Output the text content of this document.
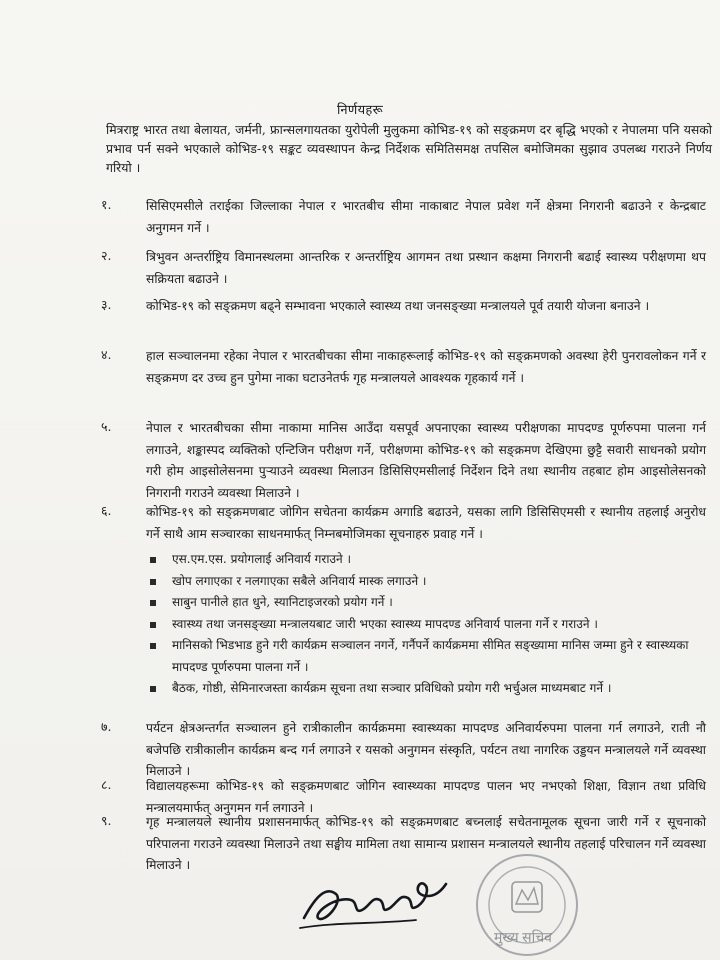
निर्णयहरू
मित्रराष्ट्र भारत तथा बेलायत, जर्मनी, फ्रान्सलगायतका युरोपेली मुलुकमा कोभिड-१९ को सङ्क्रमण दर बृद्धि भएको र नेपालमा पनि यसको प्रभाव पर्न सक्ने भएकाले कोभिड-१९ सङ्कट व्यवस्थापन केन्द्र निर्देशक समितिसमक्ष तपसिल बमोजिमका सुझाव उपलब्ध गराउने निर्णय गरियो ।
१.	सिसिएमसीले तराईका जिल्लाका नेपाल र भारतबीच सीमा नाकाबाट नेपाल प्रवेश गर्ने क्षेत्रमा निगरानी बढाउने र केन्द्रबाट अनुगमन गर्ने ।
२.	त्रिभुवन अन्तर्राष्ट्रिय विमानस्थलमा आन्तरिक र अन्तर्राष्ट्रिय आगमन तथा प्रस्थान कक्षमा निगरानी बढाई स्वास्थ्य परीक्षणमा थप सक्रियता बढाउने ।
३.	कोभिड-१९ को सङ्क्रमण बढ्ने सम्भावना भएकाले स्वास्थ्य तथा जनसङ्ख्या मन्त्रालयले पूर्व तयारी योजना बनाउने ।
४.	हाल सञ्चालनमा रहेका नेपाल र भारतबीचका सीमा नाकाहरूलाई कोभिड-१९ को सङ्क्रमणको अवस्था हेरी पुनरावलोकन गर्ने र सङ्क्रमण दर उच्च हुन पुगेमा नाका घटाउनेतर्फ गृह मन्त्रालयले आवश्यक गृहकार्य गर्ने ।
५.	नेपाल र भारतबीचका सीमा नाकामा मानिस आउँदा यसपूर्व अपनाएका स्वास्थ्य परीक्षणका मापदण्ड पूर्णरुपमा पालना गर्न लगाउने, शङ्कास्पद व्यक्तिको एन्टिजिन परीक्षण गर्ने, परीक्षणमा कोभिड-१९ को सङ्क्रमण देखिएमा छुट्टै सवारी साधनको प्रयोग गरी होम आइसोलेसनमा पुर्‍याउने व्यवस्था मिलाउन डिसिसिएमसीलाई निर्देशन दिने तथा स्थानीय तहबाट होम आइसोलेसनको निगरानी गराउने व्यवस्था मिलाउने ।
६.	कोभिड-१९ को सङ्क्रमणबाट जोगिन सचेतना कार्यक्रम अगाडि बढाउने, यसका लागि डिसिसिएमसी र स्थानीय तहलाई अनुरोध गर्ने साथै आम सञ्चारका साधनमार्फत् निम्नबमोजिमका सूचनाहरु प्रवाह गर्ने ।
एस.एम.एस. प्रयोगलाई अनिवार्य गराउने ।
खोप लगाएका र नलगाएका सबैले अनिवार्य मास्क लगाउने ।
साबुन पानीले हात धुने, स्यानिटाइजरको प्रयोग गर्ने ।
स्वास्थ्य तथा जनसङ्ख्या मन्त्रालयबाट जारी भएका स्वास्थ्य मापदण्ड अनिवार्य पालना गर्ने र गराउने ।
मानिसको भिडभाड हुने गरी कार्यक्रम सञ्चालन नगर्ने, गर्नैपर्ने कार्यक्रममा सीमित सङ्ख्यामा मानिस जम्मा हुने र स्वास्थ्यका मापदण्ड पूर्णरुपमा पालना गर्ने ।
बैठक, गोष्ठी, सेमिनारजस्ता कार्यक्रम सूचना तथा सञ्चार प्रविधिको प्रयोग गरी भर्चुअल माध्यमबाट गर्ने ।
७.	पर्यटन क्षेत्रअन्तर्गत सञ्चालन हुने रात्रीकालीन कार्यक्रममा स्वास्थ्यका मापदण्ड अनिवार्यरुपमा पालना गर्न लगाउने, राती नौ बजेपछि रात्रीकालीन कार्यक्रम बन्द गर्न लगाउने र यसको अनुगमन संस्कृति, पर्यटन तथा नागरिक उड्डयन मन्त्रालयले गर्ने व्यवस्था मिलाउने ।
८.	विद्यालयहरूमा कोभिड-१९ को सङ्क्रमणबाट जोगिन स्वास्थ्यका मापदण्ड पालन भए नभएको शिक्षा, विज्ञान तथा प्रविधि मन्त्रालयमार्फत् अनुगमन गर्न लगाउने ।
९.	गृह मन्त्रालयले स्थानीय प्रशासनमार्फत् कोभिड-१९ को सङ्क्रमणबाट बच्नलाई सचेतनामूलक सूचना जारी गर्ने र सूचनाको परिपालना गराउने व्यवस्था मिलाउने तथा सङ्घीय मामिला तथा सामान्य प्रशासन मन्त्रालयले स्थानीय तहलाई परिचालन गर्ने व्यवस्था मिलाउने ।
मुख्य सचिव
